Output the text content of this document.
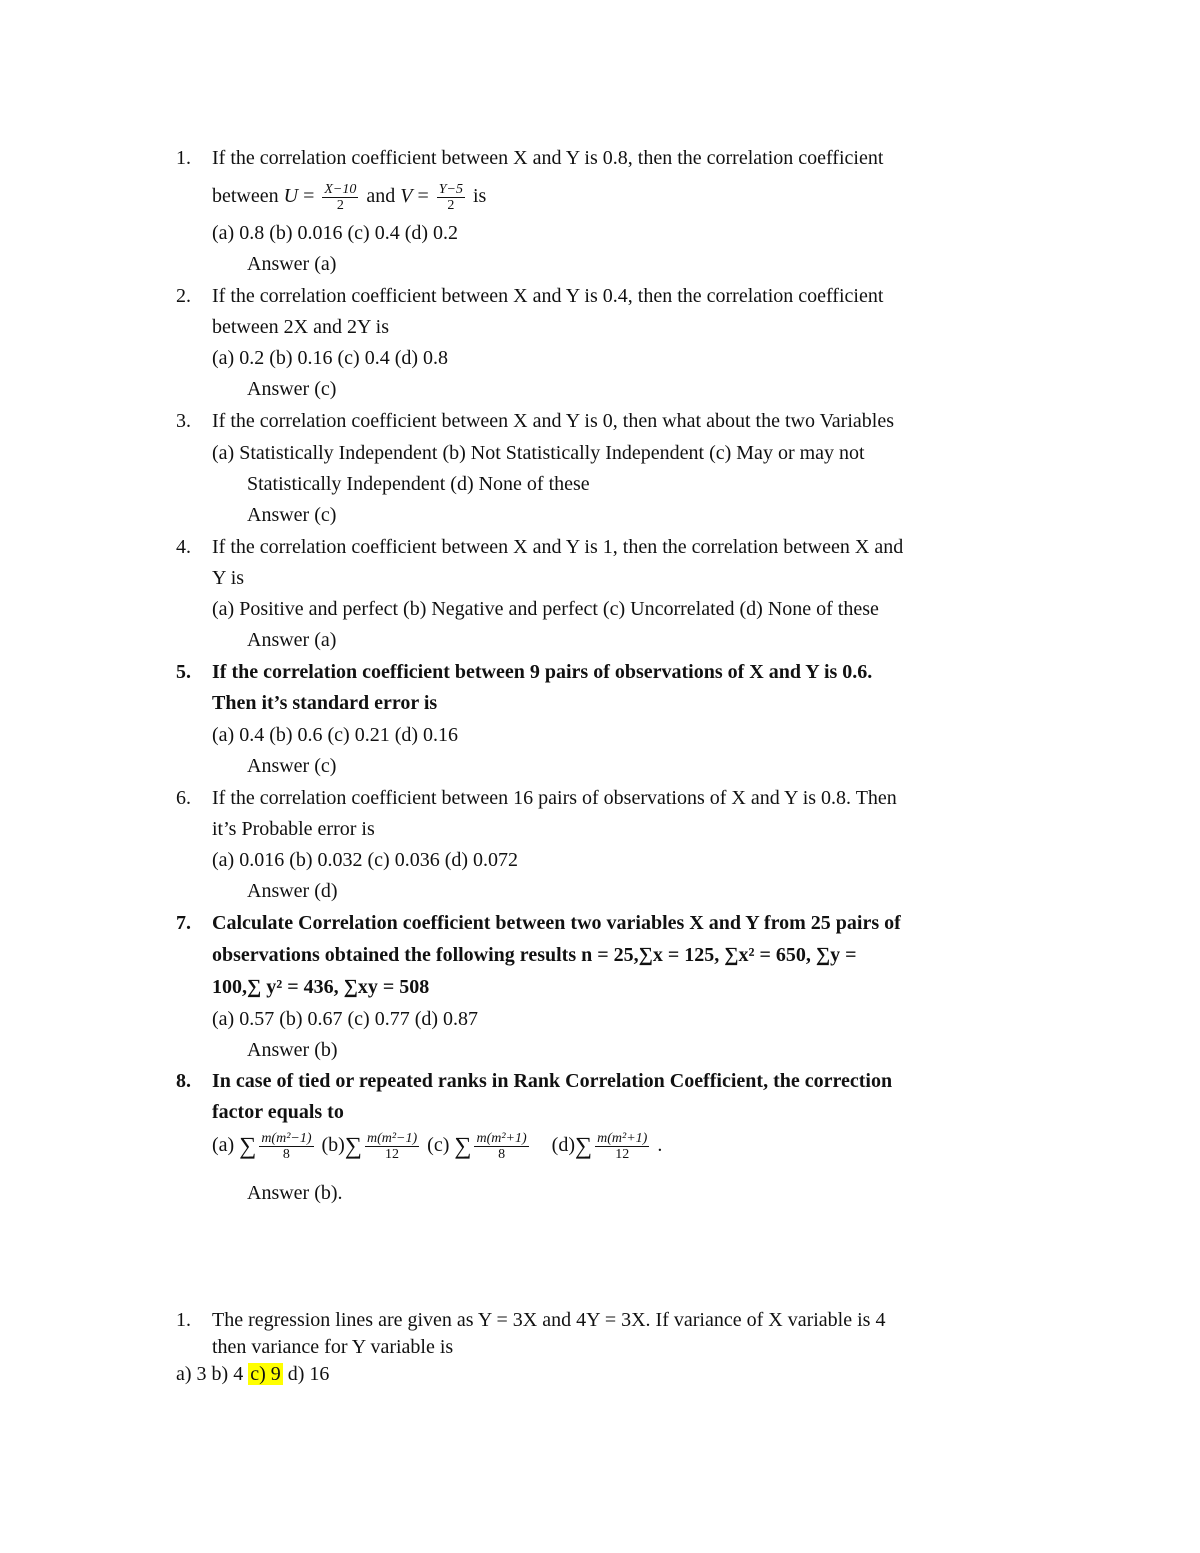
1. If the correlation coefficient between X and Y is 0.8, then the correlation coefficient
between $U = \frac{X-10}{2}$ and $V = \frac{Y-5}{2}$ is
(a) 0.8 (b) 0.016 (c) 0.4 (d) 0.2
Answer (a)
2. If the correlation coefficient between X and Y is 0.4, then the correlation coefficient
between 2X and 2Y is
(a) 0.2 (b) 0.16 (c) 0.4 (d) 0.8
Answer (c)
3. If the correlation coefficient between X and Y is 0, then what about the two Variables
(a) Statistically Independent (b) Not Statistically Independent (c) May or may not
Statistically Independent (d) None of these
Answer (c)
4. If the correlation coefficient between X and Y is 1, then the correlation between X and
Y is
(a) Positive and perfect (b) Negative and perfect (c) Uncorrelated (d) None of these
Answer (a)
5. If the correlation coefficient between 9 pairs of observations of X and Y is 0.6.
Then it’s standard error is
(a) 0.4 (b) 0.6 (c) 0.21 (d) 0.16
Answer (c)
6. If the correlation coefficient between 16 pairs of observations of X and Y is 0.8. Then
it’s Probable error is
(a) 0.016 (b) 0.032 (c) 0.036 (d) 0.072
Answer (d)
7. Calculate Correlation coefficient between two variables X and Y from 25 pairs of
observations obtained the following results n = 25,∑x = 125, ∑x² = 650, ∑y =
100,∑ y² = 436, ∑xy = 508
(a) 0.57 (b) 0.67 (c) 0.77 (d) 0.87
Answer (b)
8. In case of tied or repeated ranks in Rank Correlation Coefficient, the correction
factor equals to
(a) ∑ $\frac{\text{m(m²−1)}}{8} (b)\sum \frac{\text{m(m²−1)}}{12} (c)$ ∑ $\frac{\text{m(m²+1)}}{8} (d)\sum \frac{\text{m(m²+1)}}{12}$ .
Answer (b).
1. The regression lines are given as Y = 3X and 4Y = 3X. If variance of X variable is 4
then variance for Y variable is
a) 3 b) 4 c) 9 d) 16
